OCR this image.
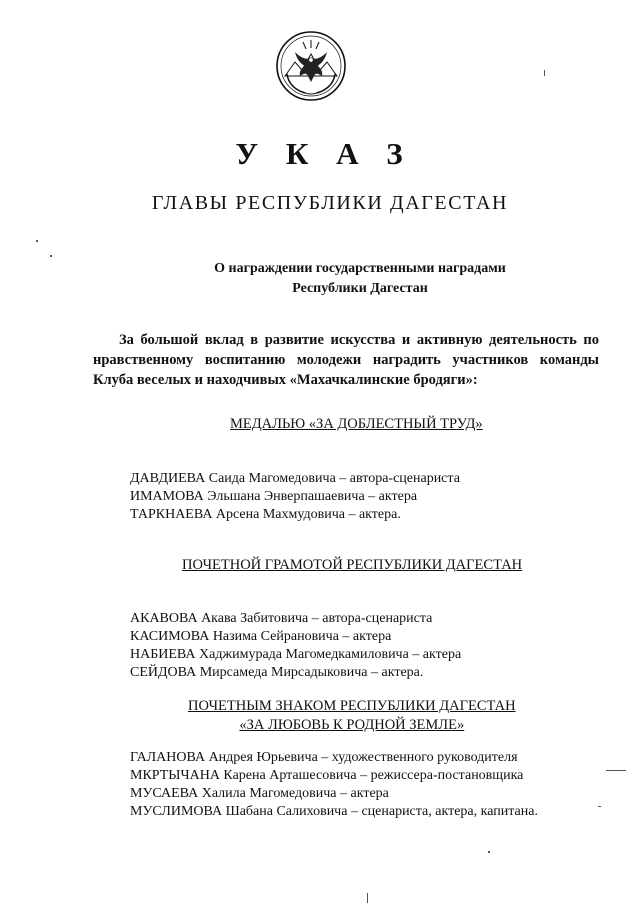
У К А З
ГЛАВЫ РЕСПУБЛИКИ ДАГЕСТАН
О награждении государственными наградами
Республики Дагестан
За большой вклад в развитие искусства и активную деятельность по
нравственному воспитанию молодежи наградить участников команды
Клуба веселых и находчивых «Махачкалинские бродяги»:
МЕДАЛЬЮ «ЗА ДОБЛЕСТНЫЙ ТРУД»
ДАВДИЕВА Саида Магомедовича – автора-сценариста
ИМАМОВА Эльшана Энверпашаевича – актера
ТАРКНАЕВА Арсена Махмудовича – актера.
ПОЧЕТНОЙ ГРАМОТОЙ РЕСПУБЛИКИ ДАГЕСТАН
АКАВОВА Акава Забитовича – автора-сценариста
КАСИМОВА Назима Сейрановича – актера
НАБИЕВА Хаджимурада Магомедкамиловича – актера
СЕЙДОВА Мирсамеда Мирсадыковича – актера.
ПОЧЕТНЫМ ЗНАКОМ РЕСПУБЛИКИ ДАГЕСТАН
«ЗА ЛЮБОВЬ К РОДНОЙ ЗЕМЛЕ»
ГАЛАНОВА Андрея Юрьевича – художественного руководителя
МКРТЫЧАНА Карена Арташесовича – режиссера-постановщика
МУСАЕВА Халила Магомедовича – актера
МУСЛИМОВА Шабана Салиховича – сценариста, актера, капитана.
